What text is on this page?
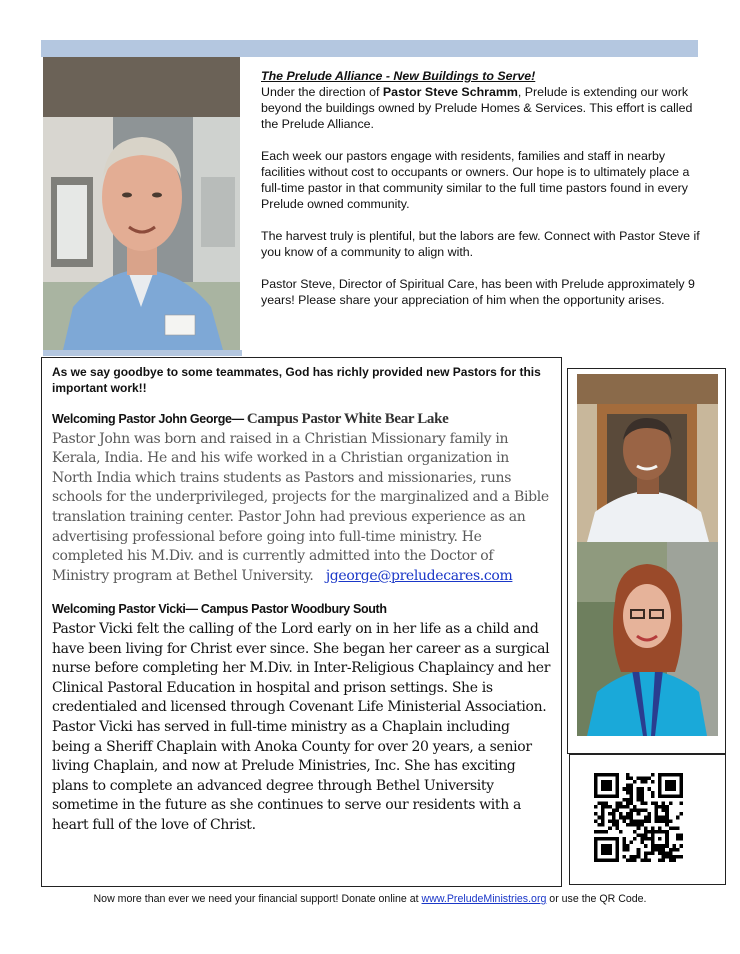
The Prelude Alliance - New Buildings to Serve!
Under the direction of Pastor Steve Schramm, Prelude is extending our work beyond the buildings owned by Prelude Homes & Services. This effort is called the Prelude Alliance.

Each week our pastors engage with residents, families and staff in nearby facilities without cost to occupants or owners. Our hope is to ultimately place a full-time pastor in that community similar to the full time pastors found in every Prelude owned community.

The harvest truly is plentiful, but the labors are few. Connect with Pastor Steve if you know of a community to align with.

Pastor Steve, Director of Spiritual Care, has been with Prelude approximately 9 years! Please share your appreciation of him when the opportunity arises.

As we say goodbye to some teammates, God has richly provided new Pastors for this important work!!
Welcoming Pastor John George— Campus Pastor White Bear Lake
Pastor John was born and raised in a Christian Missionary family in Kerala, India. He and his wife worked in a Christian organization in North India which trains students as Pastors and missionaries, runs schools for the underprivileged, projects for the marginalized and a Bible translation training center. Pastor John had previous experience as an advertising professional before going into full-time ministry. He completed his M.Div. and is currently admitted into the Doctor of Ministry program at Bethel University. jgeorge@preludecares.com
Welcoming Pastor Vicki— Campus Pastor Woodbury South
Pastor Vicki felt the calling of the Lord early on in her life as a child and have been living for Christ ever since. She began her career as a surgical nurse before completing her M.Div. in Inter-Religious Chaplaincy and her Clinical Pastoral Education in hospital and prison settings. She is credentialed and licensed through Covenant Life Ministerial Association. Pastor Vicki has served in full-time ministry as a Chaplain including being a Sheriff Chaplain with Anoka County for over 20 years, a senior living Chaplain, and now at Prelude Ministries, Inc. She has exciting plans to complete an advanced degree through Bethel University sometime in the future as she continues to serve our residents with a heart full of the love of Christ.
Now more than ever we need your financial support! Donate online at www.PreludeMinistries.org or use the QR Code.
